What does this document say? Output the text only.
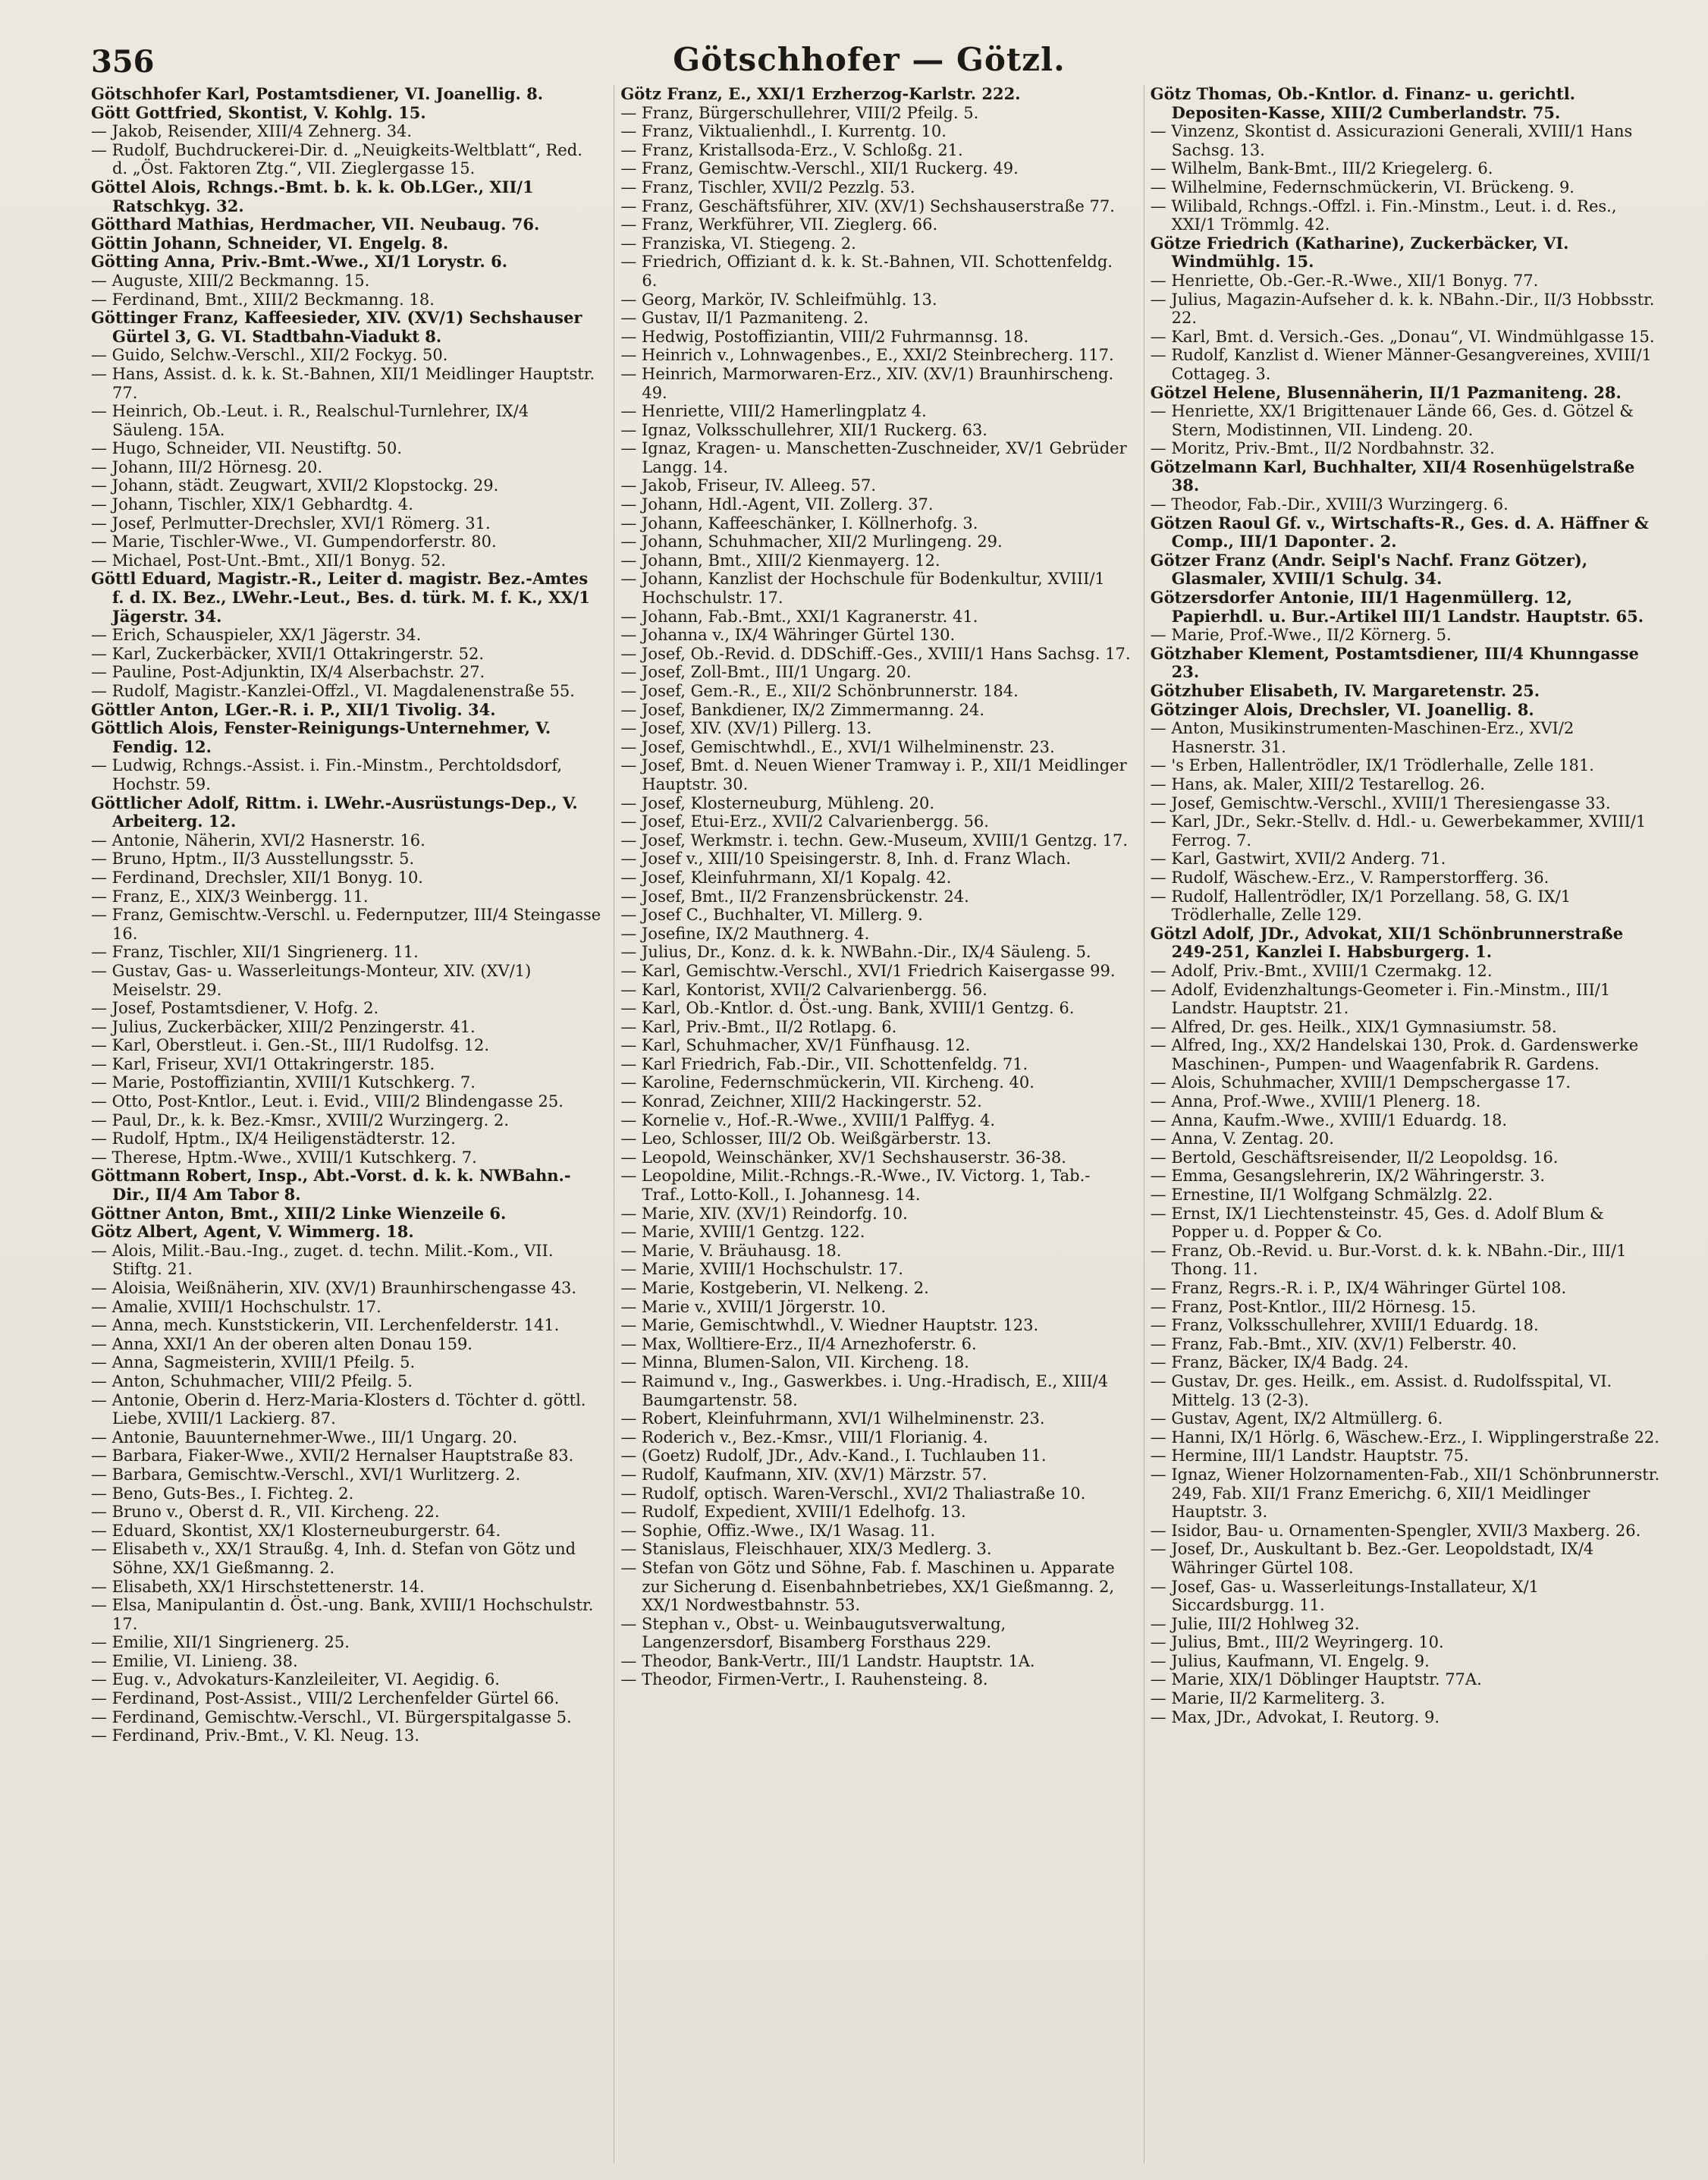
356	Götschhofer — Götzl.
Götschhofer Karl, Postamtsdiener, VI. Joanellig. 8.
Gött Gottfried, Skontist, V. Kohlg. 15.
— Jakob, Reisender, XIII/4 Zehnerg. 34.
— Rudolf, Buchdruckerei-Dir. d. „Neuigkeits-Weltblatt“, Red. d. „Öst. Faktoren Ztg.“, VII. Zieglergasse 15.
Göttel Alois, Rchngs.-Bmt. b. k. k. Ob.LGer., XII/1 Ratschkyg. 32.
Götthard Mathias, Herdmacher, VII. Neubaug. 76.
Göttin Johann, Schneider, VI. Engelg. 8.
Götting Anna, Priv.-Bmt.-Wwe., XI/1 Lorystr. 6.
— Auguste, XIII/2 Beckmanng. 15.
— Ferdinand, Bmt., XIII/2 Beckmanng. 18.
Göttinger Franz, Kaffeesieder, XIV. (XV/1) Sechshauser Gürtel 3, G. VI. Stadtbahn-Viadukt 8.
— Guido, Selchw.-Verschl., XII/2 Fockyg. 50.
— Hans, Assist. d. k. k. St.-Bahnen, XII/1 Meidlinger Hauptstr. 77.
— Heinrich, Ob.-Leut. i. R., Realschul-Turnlehrer, IX/4 Säuleng. 15A.
— Hugo, Schneider, VII. Neustiftg. 50.
— Johann, III/2 Hörnesg. 20.
— Johann, städt. Zeugwart, XVII/2 Klopstockg. 29.
— Johann, Tischler, XIX/1 Gebhardtg. 4.
— Josef, Perlmutter-Drechsler, XVI/1 Römerg. 31.
— Marie, Tischler-Wwe., VI. Gumpendorferstr. 80.
— Michael, Post-Unt.-Bmt., XII/1 Bonyg. 52.
Göttl Eduard, Magistr.-R., Leiter d. magistr. Bez.-Amtes f. d. IX. Bez., LWehr.-Leut., Bes. d. türk. M. f. K., XX/1 Jägerstr. 34.
— Erich, Schauspieler, XX/1 Jägerstr. 34.
— Karl, Zuckerbäcker, XVII/1 Ottakringerstr. 52.
— Pauline, Post-Adjunktin, IX/4 Alserbachstr. 27.
— Rudolf, Magistr.-Kanzlei-Offzl., VI. Magdalenenstraße 55.
Göttler Anton, LGer.-R. i. P., XII/1 Tivolig. 34.
Göttlich Alois, Fenster-Reinigungs-Unternehmer, V. Fendig. 12.
— Ludwig, Rchngs.-Assist. i. Fin.-Minstm., Perchtoldsdorf, Hochstr. 59.
Göttlicher Adolf, Rittm. i. LWehr.-Ausrüstungs-Dep., V. Arbeiterg. 12.
— Antonie, Näherin, XVI/2 Hasnerstr. 16.
— Bruno, Hptm., II/3 Ausstellungsstr. 5.
— Ferdinand, Drechsler, XII/1 Bonyg. 10.
— Franz, E., XIX/3 Weinbergg. 11.
— Franz, Gemischtw.-Verschl. u. Federnputzer, III/4 Steingasse 16.
— Franz, Tischler, XII/1 Singrienerg. 11.
— Gustav, Gas- u. Wasserleitungs-Monteur, XIV. (XV/1) Meiselstr. 29.
— Josef, Postamtsdiener, V. Hofg. 2.
— Julius, Zuckerbäcker, XIII/2 Penzingerstr. 41.
— Karl, Oberstleut. i. Gen.-St., III/1 Rudolfsg. 12.
— Karl, Friseur, XVI/1 Ottakringerstr. 185.
— Marie, Postoffiziantin, XVIII/1 Kutschkerg. 7.
— Otto, Post-Kntlor., Leut. i. Evid., VIII/2 Blindengasse 25.
— Paul, Dr., k. k. Bez.-Kmsr., XVIII/2 Wurzingerg. 2.
— Rudolf, Hptm., IX/4 Heiligenstädterstr. 12.
— Therese, Hptm.-Wwe., XVIII/1 Kutschkerg. 7.
Göttmann Robert, Insp., Abt.-Vorst. d. k. k. NWBahn.-Dir., II/4 Am Tabor 8.
Göttner Anton, Bmt., XIII/2 Linke Wienzeile 6.
Götz Albert, Agent, V. Wimmerg. 18.
— Alois, Milit.-Bau.-Ing., zuget. d. techn. Milit.-Kom., VII. Stiftg. 21.
— Aloisia, Weißnäherin, XIV. (XV/1) Braunhirschengasse 43.
— Amalie, XVIII/1 Hochschulstr. 17.
— Anna, mech. Kunststickerin, VII. Lerchenfelderstr. 141.
— Anna, XXI/1 An der oberen alten Donau 159.
— Anna, Sagmeisterin, XVIII/1 Pfeilg. 5.
— Anton, Schuhmacher, VIII/2 Pfeilg. 5.
— Antonie, Oberin d. Herz-Maria-Klosters d. Töchter d. göttl. Liebe, XVIII/1 Lackierg. 87.
— Antonie, Bauunternehmer-Wwe., III/1 Ungarg. 20.
— Barbara, Fiaker-Wwe., XVII/2 Hernalser Hauptstraße 83.
— Barbara, Gemischtw.-Verschl., XVI/1 Wurlitzerg. 2.
— Beno, Guts-Bes., I. Fichteg. 2.
— Bruno v., Oberst d. R., VII. Kircheng. 22.
— Eduard, Skontist, XX/1 Klosterneuburgerstr. 64.
— Elisabeth v., XX/1 Straußg. 4, Inh. d. Stefan von Götz und Söhne, XX/1 Gießmanng. 2.
— Elisabeth, XX/1 Hirschstettenerstr. 14.
— Elsa, Manipulantin d. Öst.-ung. Bank, XVIII/1 Hochschulstr. 17.
— Emilie, XII/1 Singrienerg. 25.
— Emilie, VI. Linieng. 38.
— Eug. v., Advokaturs-Kanzleileiter, VI. Aegidig. 6.
— Ferdinand, Post-Assist., VIII/2 Lerchenfelder Gürtel 66.
— Ferdinand, Gemischtw.-Verschl., VI. Bürgerspitalgasse 5.
— Ferdinand, Priv.-Bmt., V. Kl. Neug. 13.
Götz Franz, E., XXI/1 Erzherzog-Karlstr. 222.
— Franz, Bürgerschullehrer, VIII/2 Pfeilg. 5.
— Franz, Viktualienhdl., I. Kurrentg. 10.
— Franz, Kristallsoda-Erz., V. Schloßg. 21.
— Franz, Gemischtw.-Verschl., XII/1 Ruckerg. 49.
— Franz, Tischler, XVII/2 Pezzlg. 53.
— Franz, Geschäftsführer, XIV. (XV/1) Sechshauserstraße 77.
— Franz, Werkführer, VII. Zieglerg. 66.
— Franziska, VI. Stiegeng. 2.
— Friedrich, Offiziant d. k. k. St.-Bahnen, VII. Schottenfeldg. 6.
— Georg, Markör, IV. Schleifmühlg. 13.
— Gustav, II/1 Pazmaniteng. 2.
— Hedwig, Postoffiziantin, VIII/2 Fuhrmannsg. 18.
— Heinrich v., Lohnwagenbes., E., XXI/2 Steinbrecherg. 117.
— Heinrich, Marmorwaren-Erz., XIV. (XV/1) Braunhirscheng. 49.
— Henriette, VIII/2 Hamerlingplatz 4.
— Ignaz, Volksschullehrer, XII/1 Ruckerg. 63.
— Ignaz, Kragen- u. Manschetten-Zuschneider, XV/1 Gebrüder Langg. 14.
— Jakob, Friseur, IV. Alleeg. 57.
— Johann, Hdl.-Agent, VII. Zollerg. 37.
— Johann, Kaffeeschänker, I. Köllnerhofg. 3.
— Johann, Schuhmacher, XII/2 Murlingeng. 29.
— Johann, Bmt., XIII/2 Kienmayerg. 12.
— Johann, Kanzlist der Hochschule für Bodenkultur, XVIII/1 Hochschulstr. 17.
— Johann, Fab.-Bmt., XXI/1 Kagranerstr. 41.
— Johanna v., IX/4 Währinger Gürtel 130.
— Josef, Ob.-Revid. d. DDSchiff.-Ges., XVIII/1 Hans Sachsg. 17.
— Josef, Zoll-Bmt., III/1 Ungarg. 20.
— Josef, Gem.-R., E., XII/2 Schönbrunnerstr. 184.
— Josef, Bankdiener, IX/2 Zimmermanng. 24.
— Josef, XIV. (XV/1) Pillerg. 13.
— Josef, Gemischtwhdl., E., XVI/1 Wilhelminenstr. 23.
— Josef, Bmt. d. Neuen Wiener Tramway i. P., XII/1 Meidlinger Hauptstr. 30.
— Josef, Klosterneuburg, Mühleng. 20.
— Josef, Etui-Erz., XVII/2 Calvarienbergg. 56.
— Josef, Werkmstr. i. techn. Gew.-Museum, XVIII/1 Gentzg. 17.
— Josef v., XIII/10 Speisingerstr. 8, Inh. d. Franz Wlach.
— Josef, Kleinfuhrmann, XI/1 Kopalg. 42.
— Josef, Bmt., II/2 Franzensbrückenstr. 24.
— Josef C., Buchhalter, VI. Millerg. 9.
— Josefine, IX/2 Mauthnerg. 4.
— Julius, Dr., Konz. d. k. k. NWBahn.-Dir., IX/4 Säuleng. 5.
— Karl, Gemischtw.-Verschl., XVI/1 Friedrich Kaisergasse 99.
— Karl, Kontorist, XVII/2 Calvarienbergg. 56.
— Karl, Ob.-Kntlor. d. Öst.-ung. Bank, XVIII/1 Gentzg. 6.
— Karl, Priv.-Bmt., II/2 Rotlapg. 6.
— Karl, Schuhmacher, XV/1 Fünfhausg. 12.
— Karl Friedrich, Fab.-Dir., VII. Schottenfeldg. 71.
— Karoline, Federnschmückerin, VII. Kircheng. 40.
— Konrad, Zeichner, XIII/2 Hackingerstr. 52.
— Kornelie v., Hof.-R.-Wwe., XVIII/1 Palffyg. 4.
— Leo, Schlosser, III/2 Ob. Weißgärberstr. 13.
— Leopold, Weinschänker, XV/1 Sechshauserstr. 36-38.
— Leopoldine, Milit.-Rchngs.-R.-Wwe., IV. Victorg. 1, Tab.-Traf., Lotto-Koll., I. Johannesg. 14.
— Marie, XIV. (XV/1) Reindorfg. 10.
— Marie, XVIII/1 Gentzg. 122.
— Marie, V. Bräuhausg. 18.
— Marie, XVIII/1 Hochschulstr. 17.
— Marie, Kostgeberin, VI. Nelkeng. 2.
— Marie v., XVIII/1 Jörgerstr. 10.
— Marie, Gemischtwhdl., V. Wiedner Hauptstr. 123.
— Max, Wolltiere-Erz., II/4 Arnezhoferstr. 6.
— Minna, Blumen-Salon, VII. Kircheng. 18.
— Raimund v., Ing., Gaswerkbes. i. Ung.-Hradisch, E., XIII/4 Baumgartenstr. 58.
— Robert, Kleinfuhrmann, XVI/1 Wilhelminenstr. 23.
— Roderich v., Bez.-Kmsr., VIII/1 Florianig. 4.
— (Goetz) Rudolf, JDr., Adv.-Kand., I. Tuchlauben 11.
— Rudolf, Kaufmann, XIV. (XV/1) Märzstr. 57.
— Rudolf, optisch. Waren-Verschl., XVI/2 Thaliastraße 10.
— Rudolf, Expedient, XVIII/1 Edelhofg. 13.
— Sophie, Offiz.-Wwe., IX/1 Wasag. 11.
— Stanislaus, Fleischhauer, XIX/3 Medlerg. 3.
— Stefan von Götz und Söhne, Fab. f. Maschinen u. Apparate zur Sicherung d. Eisenbahnbetriebes, XX/1 Gießmanng. 2, XX/1 Nordwestbahnstr. 53.
— Stephan v., Obst- u. Weinbaugutsverwaltung, Langenzersdorf, Bisamberg Forsthaus 229.
— Theodor, Bank-Vertr., III/1 Landstr. Hauptstr. 1A.
— Theodor, Firmen-Vertr., I. Rauhensteing. 8.
Götz Thomas, Ob.-Kntlor. d. Finanz- u. gerichtl. Depositen-Kasse, XIII/2 Cumberlandstr. 75.
— Vinzenz, Skontist d. Assicurazioni Generali, XVIII/1 Hans Sachsg. 13.
— Wilhelm, Bank-Bmt., III/2 Kriegelerg. 6.
— Wilhelmine, Federnschmückerin, VI. Brückeng. 9.
— Wilibald, Rchngs.-Offzl. i. Fin.-Minstm., Leut. i. d. Res., XXI/1 Trömmlg. 42.
Götze Friedrich (Katharine), Zuckerbäcker, VI. Windmühlg. 15.
— Henriette, Ob.-Ger.-R.-Wwe., XII/1 Bonyg. 77.
— Julius, Magazin-Aufseher d. k. k. NBahn.-Dir., II/3 Hobbsstr. 22.
— Karl, Bmt. d. Versich.-Ges. „Donau“, VI. Windmühlgasse 15.
— Rudolf, Kanzlist d. Wiener Männer-Gesangvereines, XVIII/1 Cottageg. 3.
Götzel Helene, Blusennäherin, II/1 Pazmaniteng. 28.
— Henriette, XX/1 Brigittenauer Lände 66, Ges. d. Götzel & Stern, Modistinnen, VII. Lindeng. 20.
— Moritz, Priv.-Bmt., II/2 Nordbahnstr. 32.
Götzelmann Karl, Buchhalter, XII/4 Rosenhügelstraße 38.
— Theodor, Fab.-Dir., XVIII/3 Wurzingerg. 6.
Götzen Raoul Gf. v., Wirtschafts-R., Ges. d. A. Häffner & Comp., III/1 Dapontег. 2.
Götzer Franz (Andr. Seipl's Nachf. Franz Götzer), Glasmaler, XVIII/1 Schulg. 34.
Götzersdorfer Antonie, III/1 Hagenmüllerg. 12, Papierhdl. u. Bur.-Artikel III/1 Landstr. Hauptstr. 65.
— Marie, Prof.-Wwe., II/2 Körnerg. 5.
Götzhaber Klement, Postamtsdiener, III/4 Khunngasse 23.
Götzhuber Elisabeth, IV. Margaretenstr. 25.
Götzinger Alois, Drechsler, VI. Joanellig. 8.
— Anton, Musikinstrumenten-Maschinen-Erz., XVI/2 Hasnerstr. 31.
— 's Erben, Hallentrödler, IX/1 Trödlerhalle, Zelle 181.
— Hans, ak. Maler, XIII/2 Testarellog. 26.
— Josef, Gemischtw.-Verschl., XVIII/1 Theresiengasse 33.
— Karl, JDr., Sekr.-Stellv. d. Hdl.- u. Gewerbekammer, XVIII/1 Ferrog. 7.
— Karl, Gastwirt, XVII/2 Anderg. 71.
— Rudolf, Wäschew.-Erz., V. Ramperstorfferg. 36.
— Rudolf, Hallentrödler, IX/1 Porzellang. 58, G. IX/1 Trödlerhalle, Zelle 129.
Götzl Adolf, JDr., Advokat, XII/1 Schönbrunnerstraße 249-251, Kanzlei I. Habsburgerg. 1.
— Adolf, Priv.-Bmt., XVIII/1 Czermakg. 12.
— Adolf, Evidenzhaltungs-Geometer i. Fin.-Minstm., III/1 Landstr. Hauptstr. 21.
— Alfred, Dr. ges. Heilk., XIX/1 Gymnasiumstr. 58.
— Alfred, Ing., XX/2 Handelskai 130, Prok. d. Gardenswerke Maschinen-, Pumpen- und Waagenfabrik R. Gardens.
— Alois, Schuhmacher, XVIII/1 Dempschergasse 17.
— Anna, Prof.-Wwe., XVIII/1 Plenerg. 18.
— Anna, Kaufm.-Wwe., XVIII/1 Eduardg. 18.
— Anna, V. Zentag. 20.
— Bertold, Geschäftsreisender, II/2 Leopoldsg. 16.
— Emma, Gesangslehrerin, IX/2 Währingerstr. 3.
— Ernestine, II/1 Wolfgang Schmälzlg. 22.
— Ernst, IX/1 Liechtensteinstr. 45, Ges. d. Adolf Blum & Popper u. d. Popper & Co.
— Franz, Ob.-Revid. u. Bur.-Vorst. d. k. k. NBahn.-Dir., III/1 Thong. 11.
— Franz, Regrs.-R. i. P., IX/4 Währinger Gürtel 108.
— Franz, Post-Kntlor., III/2 Hörnesg. 15.
— Franz, Volksschullehrer, XVIII/1 Eduardg. 18.
— Franz, Fab.-Bmt., XIV. (XV/1) Felberstr. 40.
— Franz, Bäcker, IX/4 Badg. 24.
— Gustav, Dr. ges. Heilk., em. Assist. d. Rudolfsspital, VI. Mittelg. 13 (2-3).
— Gustav, Agent, IX/2 Altmüllerg. 6.
— Hanni, IX/1 Hörlg. 6, Wäschew.-Erz., I. Wipplingerstraße 22.
— Hermine, III/1 Landstr. Hauptstr. 75.
— Ignaz, Wiener Holzornamenten-Fab., XII/1 Schönbrunnerstr. 249, Fab. XII/1 Franz Emerichg. 6, XII/1 Meidlinger Hauptstr. 3.
— Isidor, Bau- u. Ornamenten-Spengler, XVII/3 Maxberg. 26.
— Josef, Dr., Auskultant b. Bez.-Ger. Leopoldstadt, IX/4 Währinger Gürtel 108.
— Josef, Gas- u. Wasserleitungs-Installateur, X/1 Siccardsburgg. 11.
— Julie, III/2 Hohlweg 32.
— Julius, Bmt., III/2 Weyringerg. 10.
— Julius, Kaufmann, VI. Engelg. 9.
— Marie, XIX/1 Döblinger Hauptstr. 77A.
— Marie, II/2 Karmeliterg. 3.
— Max, JDr., Advokat, I. Reutorg. 9.
